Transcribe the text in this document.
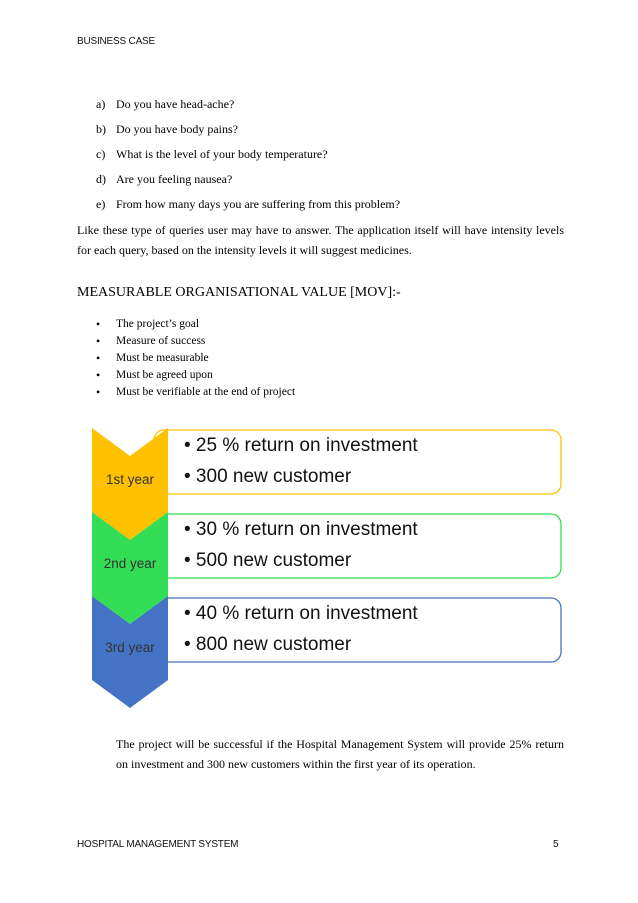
BUSINESS CASE
a) Do you have head-ache?
b) Do you have body pains?
c) What is the level of your body temperature?
d) Are you feeling nausea?
e) From how many days you are suffering from this problem?
Like these type of queries user may have to answer. The application itself will have intensity levels for each query, based on the intensity levels it will suggest medicines.
MEASURABLE ORGANISATIONAL VALUE [MOV]:-
•	The project’s goal
•	Measure of success
•	Must be measurable
•	Must be agreed upon
•	Must be verifiable at the end of project
1st year
2nd year
3rd year
• 25 % return on investment
• 300 new customer
• 30 % return on investment
• 500 new customer
• 40 % return on investment
• 800 new customer
The project will be successful if the Hospital Management System will provide 25% return on investment and 300 new customers within the first year of its operation.
HOSPITAL MANAGEMENT SYSTEM	5
